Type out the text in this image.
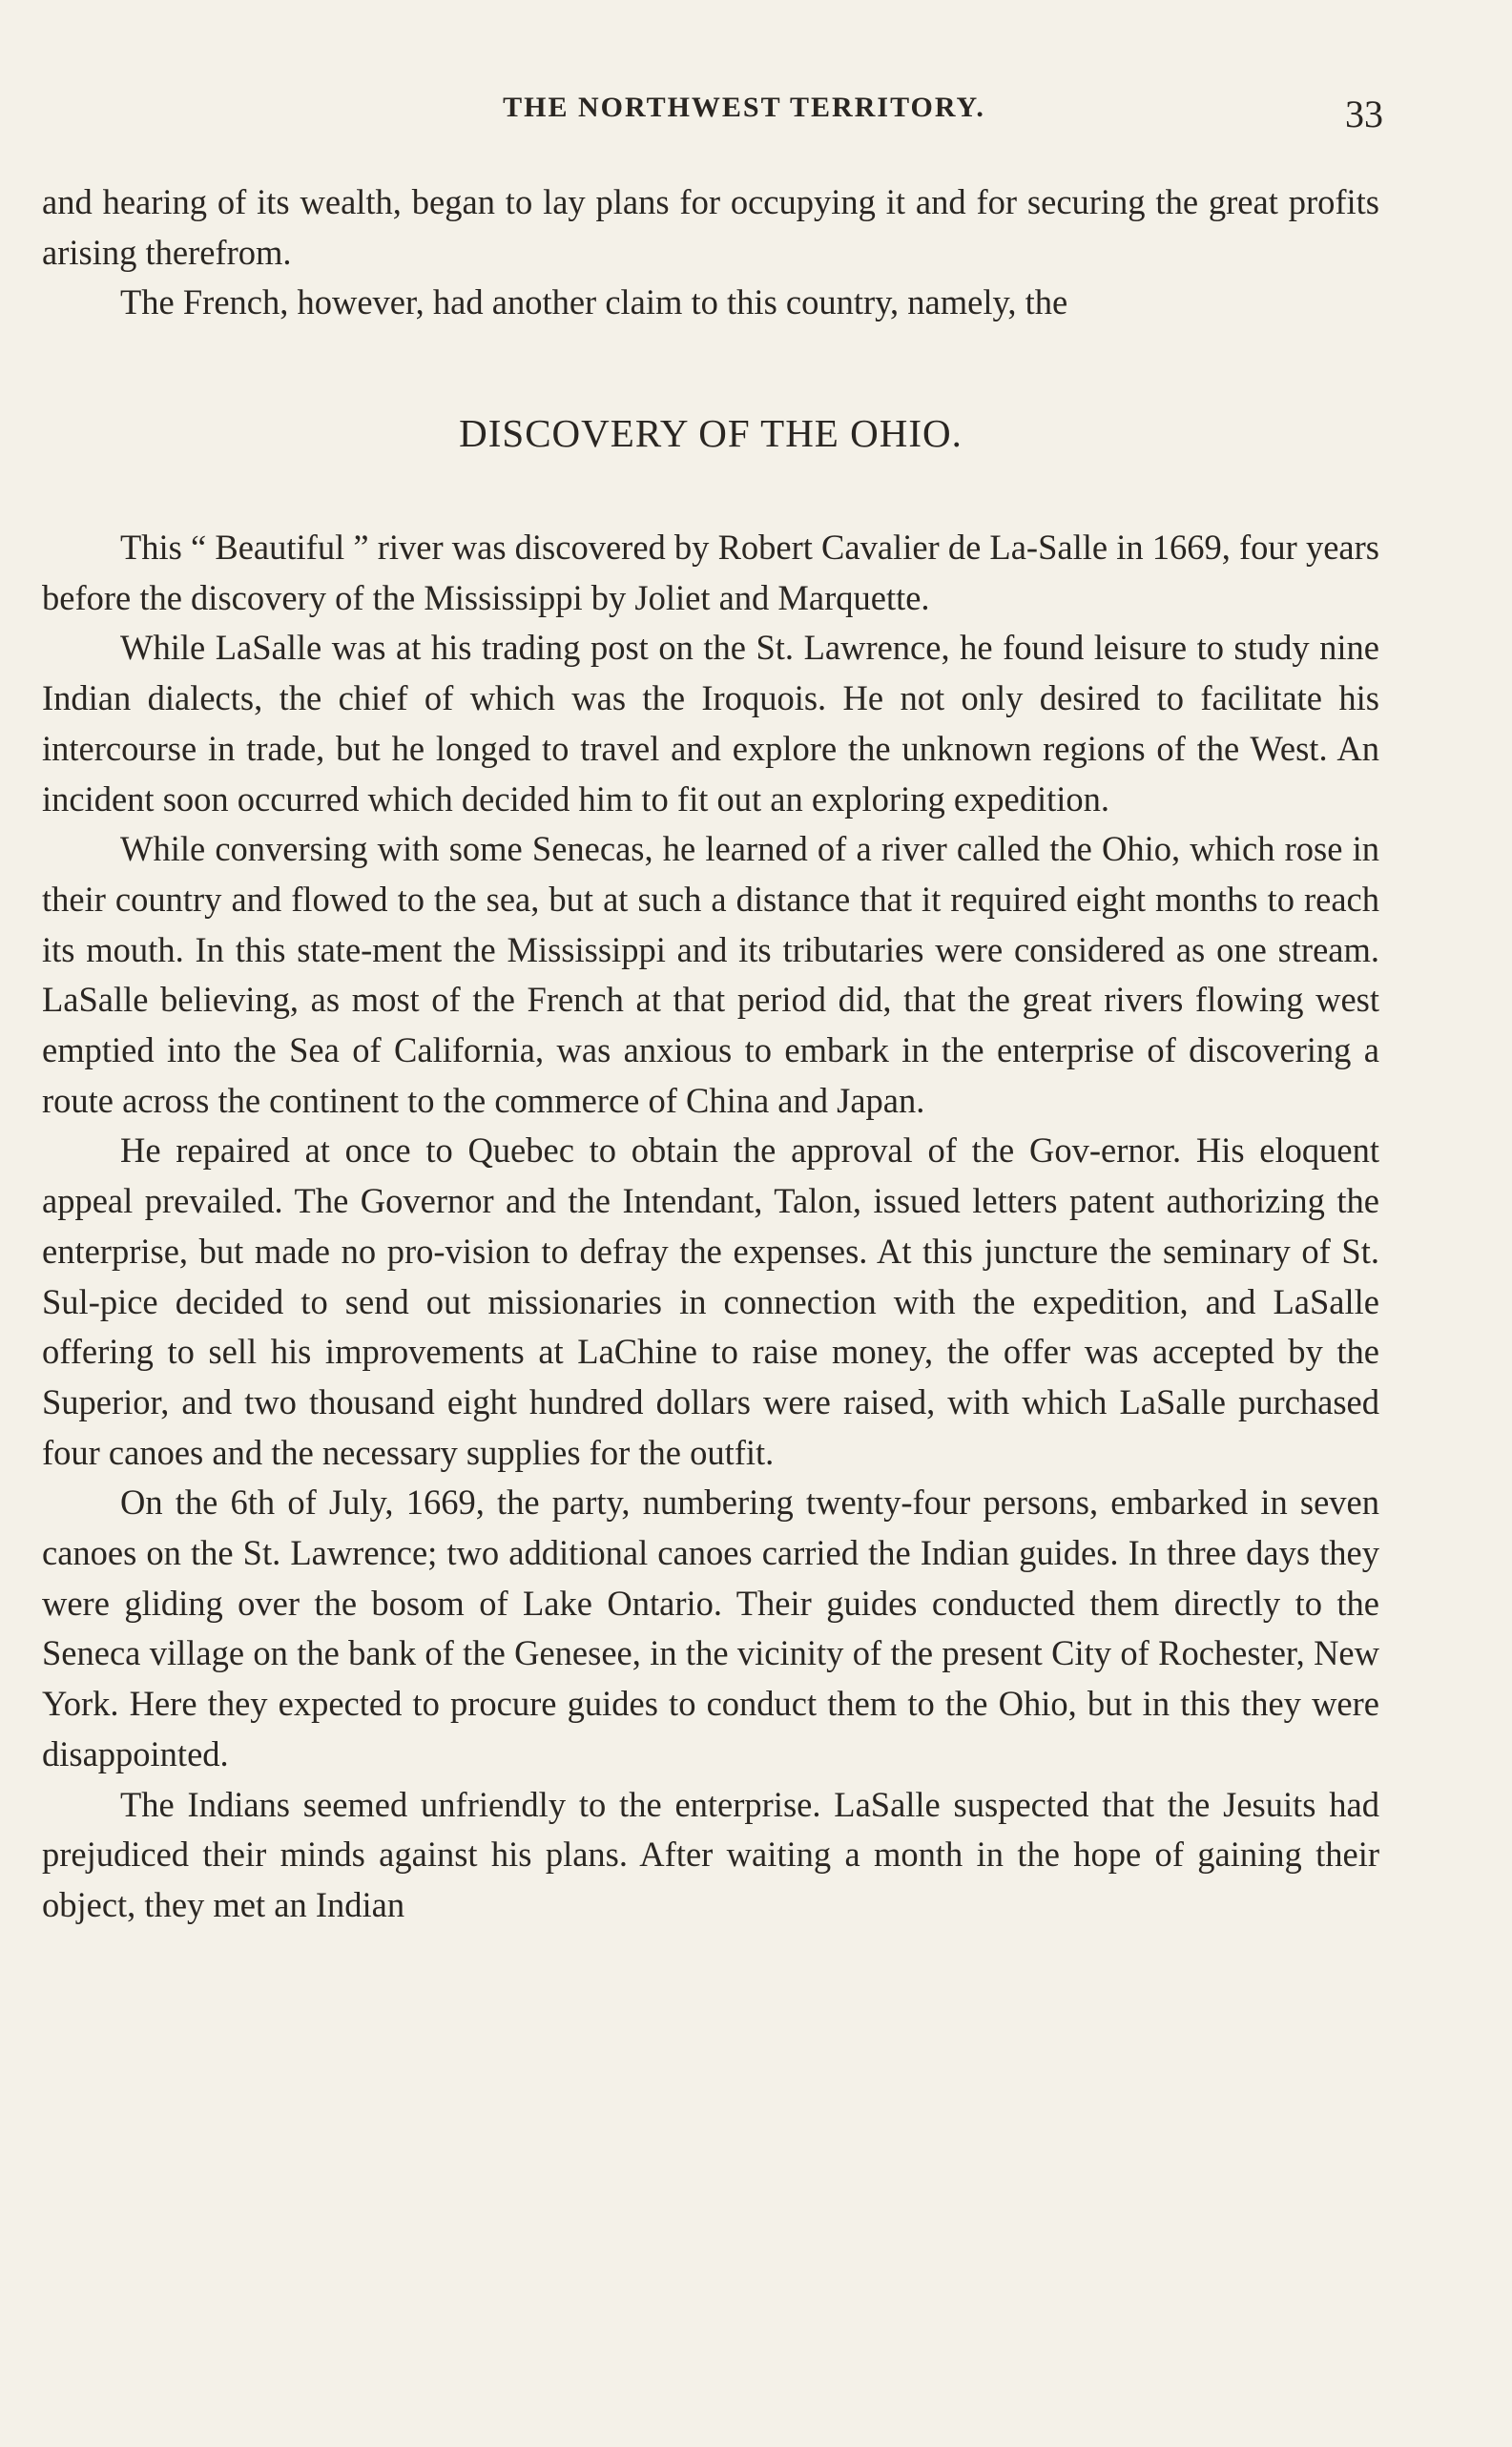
THE NORTHWEST TERRITORY.	33

and hearing of its wealth, began to lay plans for occupying it and for securing the great profits arising therefrom.

The French, however, had another claim to this country, namely, the

DISCOVERY OF THE OHIO.

This “ Beautiful ” river was discovered by Robert Cavalier de La-Salle in 1669, four years before the discovery of the Mississippi by Joliet and Marquette.

While LaSalle was at his trading post on the St. Lawrence, he found leisure to study nine Indian dialects, the chief of which was the Iroquois. He not only desired to facilitate his intercourse in trade, but he longed to travel and explore the unknown regions of the West. An incident soon occurred which decided him to fit out an exploring expedition.

While conversing with some Senecas, he learned of a river called the Ohio, which rose in their country and flowed to the sea, but at such a distance that it required eight months to reach its mouth. In this state-ment the Mississippi and its tributaries were considered as one stream. LaSalle believing, as most of the French at that period did, that the great rivers flowing west emptied into the Sea of California, was anxious to embark in the enterprise of discovering a route across the continent to the commerce of China and Japan.

He repaired at once to Quebec to obtain the approval of the Gov-ernor. His eloquent appeal prevailed. The Governor and the Intendant, Talon, issued letters patent authorizing the enterprise, but made no pro-vision to defray the expenses. At this juncture the seminary of St. Sul-pice decided to send out missionaries in connection with the expedition, and LaSalle offering to sell his improvements at LaChine to raise money, the offer was accepted by the Superior, and two thousand eight hundred dollars were raised, with which LaSalle purchased four canoes and the necessary supplies for the outfit.

On the 6th of July, 1669, the party, numbering twenty-four persons, embarked in seven canoes on the St. Lawrence; two additional canoes carried the Indian guides. In three days they were gliding over the bosom of Lake Ontario. Their guides conducted them directly to the Seneca village on the bank of the Genesee, in the vicinity of the present City of Rochester, New York. Here they expected to procure guides to conduct them to the Ohio, but in this they were disappointed.

The Indians seemed unfriendly to the enterprise. LaSalle suspected that the Jesuits had prejudiced their minds against his plans. After waiting a month in the hope of gaining their object, they met an Indian
